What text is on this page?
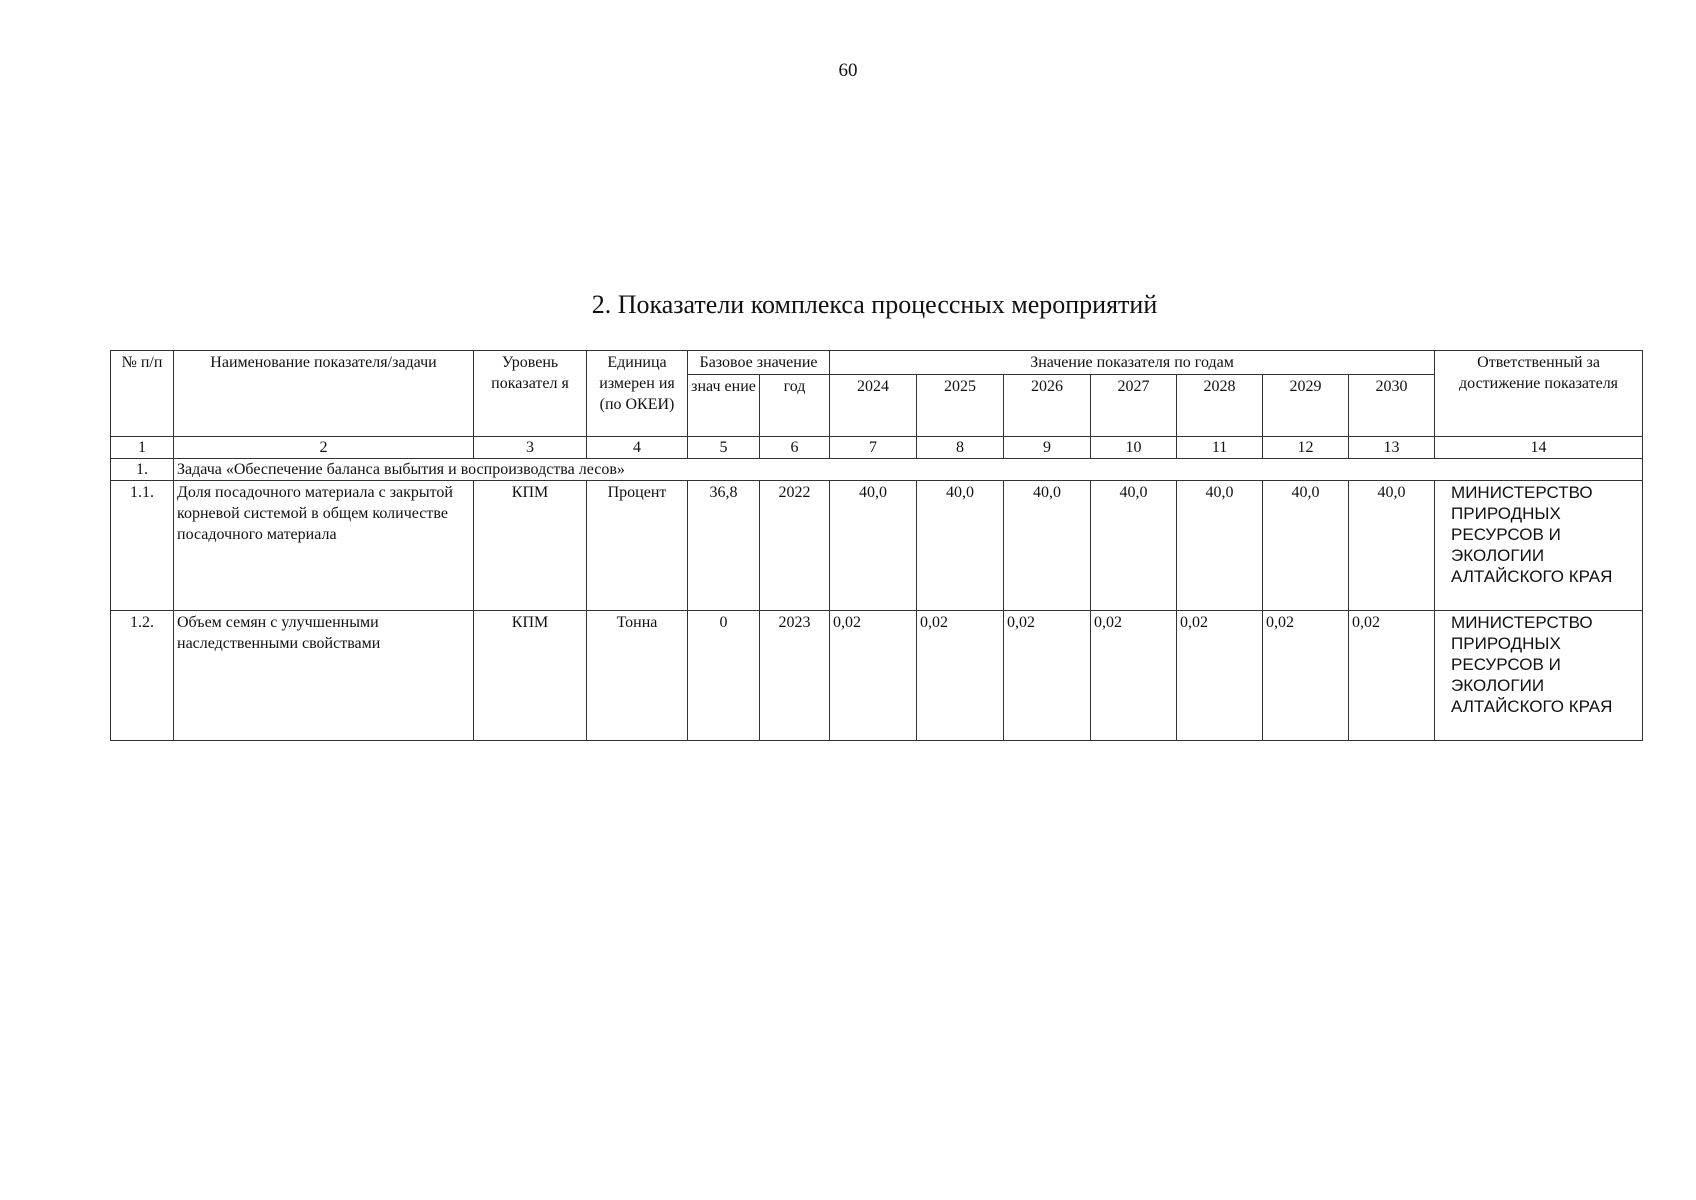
60
2. Показатели комплекса процессных мероприятий
№ п/п	Наименование показателя/задачи	Уровень показател я	Единица измерен ия (по ОКЕИ)	Базовое значение		Значение показателя по годам							Ответственный за достижение показателя
				знач ение	год	2024	2025	2026	2027	2028	2029	2030	
1	2	3	4	5	6	7	8	9	10	11	12	13	14
1.	Задача «Обеспечение баланса выбытия и воспроизводства лесов»												
1.1.	Доля посадочного материала с закрытой корневой системой в общем количестве посадочного материала	КПМ	Процент	36,8	2022	40,0	40,0	40,0	40,0	40,0	40,0	40,0	МИНИСТЕРСТВО ПРИРОДНЫХ РЕСУРСОВ И ЭКОЛОГИИ АЛТАЙСКОГО КРАЯ
1.2.	Объем семян с улучшенными наследственными свойствами	КПМ	Тонна	0	2023	0,02	0,02	0,02	0,02	0,02	0,02	0,02	МИНИСТЕРСТВО ПРИРОДНЫХ РЕСУРСОВ И ЭКОЛОГИИ АЛТАЙСКОГО КРАЯ
